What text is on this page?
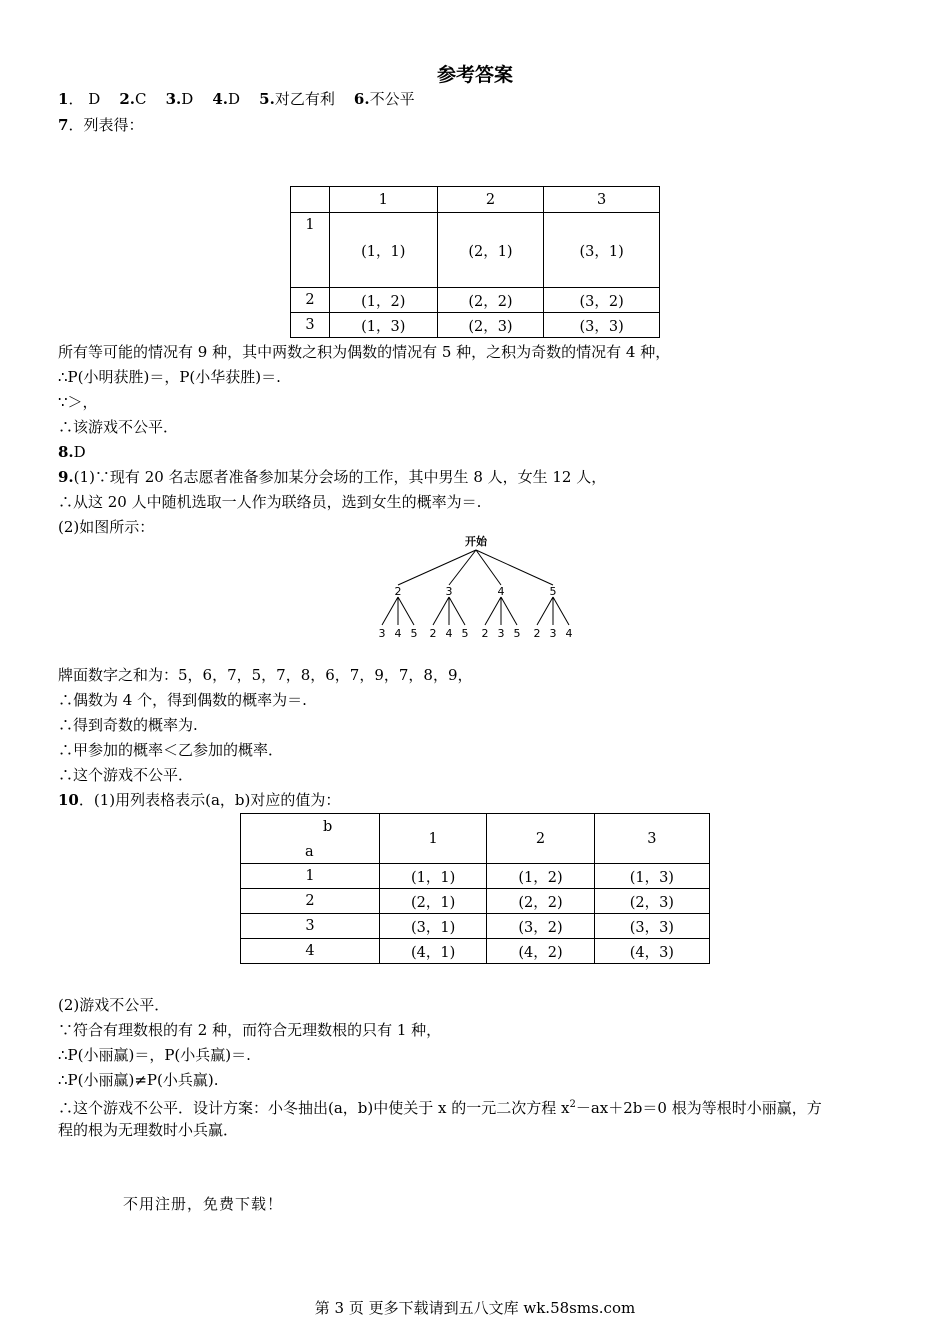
参考答案
1． D 2.C 3.D 4.D 5.对乙有利 6.不公平
7．列表得：
	1	2	3
1	(1，1)	(2，1)	(3，1)
2	(1，2)	(2，2)	(3，2)
3	(1，3)	(2，3)	(3，3)
所有等可能的情况有 9 种，其中两数之积为偶数的情况有 5 种，之积为奇数的情况有 4 种，
∴P(小明获胜)＝，P(小华获胜)＝.
∵＞，
∴该游戏不公平．
8.D
9.(1)∵现有 20 名志愿者准备参加某分会场的工作，其中男生 8 人，女生 12 人，
∴从这 20 人中随机选取一人作为联络员，选到女生的概率为＝.
(2)如图所示：
开始
2	3	4	5
3 4 5 2 4 5 2 3 5 2 3 4
牌面数字之和为：5，6，7，5，7，8，6，7，9，7，8，9，
∴偶数为 4 个，得到偶数的概率为＝.
∴得到奇数的概率为.
∴甲参加的概率＜乙参加的概率．
∴这个游戏不公平．
10．(1)用列表格表示(a，b)对应的值为：
b
a	1	2	3
1	(1，1)	(1，2)	(1，3)
2	(2，1)	(2，2)	(2，3)
3	(3，1)	(3，2)	(3，3)
4	(4，1)	(4，2)	(4，3)
(2)游戏不公平．
∵符合有理数根的有 2 种，而符合无理数根的只有 1 种，
∴P(小丽赢)＝，P(小兵赢)＝.
∴P(小丽赢)≠P(小兵赢).
∴这个游戏不公平．设计方案：小冬抽出(a，b)中使关于 x 的一元二次方程 $x^2-ax+2b=0$ 根为等根时小丽赢，方
程的根为无理数时小兵赢．
不用注册，免费下载！
第 3 页 更多下载请到五八文库 wk.58sms.com
